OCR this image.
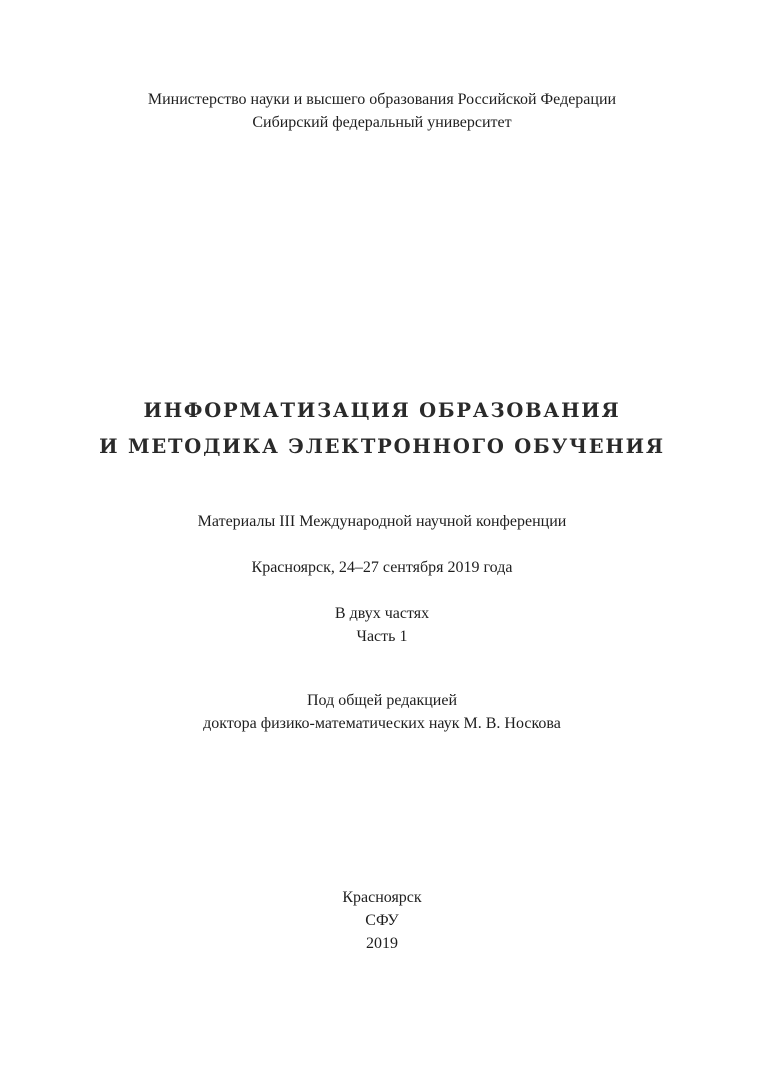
Министерство науки и высшего образования Российской Федерации
Сибирский федеральный университет
ИНФОРМАТИЗАЦИЯ ОБРАЗОВАНИЯ
И МЕТОДИКА ЭЛЕКТРОННОГО ОБУЧЕНИЯ
Материалы III Международной научной конференции
Красноярск, 24–27 сентября 2019 года
В двух частях
Часть 1
Под общей редакцией
доктора физико-математических наук М. В. Носкова
Красноярск
СФУ
2019
